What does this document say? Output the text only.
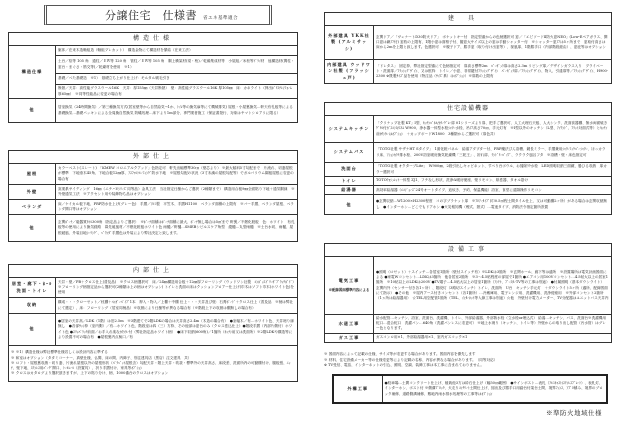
分譲住宅　仕様書 省エネ基準適合
構造仕様	
構造仕様	躯体／在来木造軸組造（軸組プレカット）　構造金物にて構造材を緊結（在来工法）
	土台／桧等 105 角　通柱／ＥＷ等 120 角　管柱／ＥＷ等 105 角　胴上横架材(梁・桁)／乾燥集成材等　小屋組／米松等ﾄﾞﾗｲ材　他構造材(間柱・窓台・まぐさ・筋交等)／乾燥材を使用　※1）
	基礎／べた基礎造　※1）　基礎立ち上がり仕上げ：モルタル刷毛引き
	断熱／天井：高性能グラスウール16K　天井：厚155㎜（天井断熱）　壁：高性能グラスウール16K 厚105㎜　床：カネライト（押出ﾎﾟﾘｽﾁﾚﾝﾌｫｰﾑ厚65㎜）　※同等性能品に変更の場合有
他	居室換気（24時間換気）／第三種換気方式(居室壁等から自然給気→1か、ﾄｲﾚ等の換気扇等にて機械排気) 屋根・小屋裏換気…軒天有孔板等による　基礎換気…基礎パッキンによる全周換自然換気 防蟻処理…床下より1m部分、専門業者施工（保証書発行、対象はヤマトシロアリに限る）
外部仕上	
屋根	カラーベスト(スレート)　「KMEW コロニアルクアッド」色指定可　軒先出幅標準30㎝（壁芯より） ※最大傾斜5寸勾配まで　片流れ、切妻屋根が標準　下地垂木45角、下地合板12㎜厚、ｱｽﾌｧﾙﾄﾙｰﾌｨﾝｸﾞ防水下地　※屋根勾配の状況（3寸未満の屋根勾配等）でガルバリウム鋼板屋根に変更の場合有
外壁	窯業系サイディング　16㎜（ニチハVｼﾘｰｽﾞ同等品）金具工法　当社指定仕様からご選択（2種類まで） 構造用合板9㎜全面貼り下地＋通気胴縁　※外壁通気工法　※アクセント用や装飾物ち品はオプション
ベランダ	床／ケイカル板下地、FRP防水仕上げ(グレー色)　手摺／ｱﾙﾐ製　平笠木、手摺H1100　ベランダ面積の上限有　※バー手摺、ベランダ屋根、ベランダ開口等はオプション
他	玄関ﾎﾟｰﾁ／磁器質ﾀｲﾙ300角（指定品よりご選択）　※ﾎﾟｰﾁ面積はﾎﾟｰﾁ面積に最大、ﾎﾟｰﾁ無し場合は5㎡まで 軒裏／不燃化粧板　色：ホワイト　有孔板等の使用により換気経路　鼻先破風材／不燃化粧板ホワイト色 雨樋／軒樋…SMEBシビルスケア角型　縦樋…丸型雨樋　※土台水切、雨樋、屋根破風、外装目地ｼｰﾘﾝｸﾞ、ﾍﾞﾗﾝﾀﾞ手摺色は外装により弊社決定と致します。
内部仕上	
居室・廊下・ﾎｰﾙ 洗面・トイレ	天井・壁／PB＋クロス仕上(普及品)　※クロス柄選択可　床／24㎜構造用合板＋12㎜厚フローリング（ウッドワン社製　ｴﾝﾎﾞｯｽﾄﾞﾘｰｷﾞﾌﾞﾗｯｸﾎﾞﾄﾞ）　※フローリング柄指定品から選択可(2種類は上の柄はオプション) トイレと洗面の床はクッションフロアー仕上げ(巾木はソフト巾木(ホワイト色)を使用
収納	構成・・・クローゼット／枕棚＋ﾊﾝｶﾞｰﾊﾟｲﾌﾟ1本　押入・物入／上棚＋中棚 仕上・・・天井及び壁：石膏ﾎﾞｰﾄﾞ＋クロス仕上（普及品　※柄は弊社にて選定）、床：フローリング（居室同柄品）※収納により仕様等が異なる場合有（※階段上下の収納は棚無しの場合有）
他	●居室の天井高／LDK（1階）は旧2.5m　※3階建てで2階LDKの場合は天井高さ2.4m（木造の場合有）　●室幅木／有…ホワイト色、天井廻り縁無し　●各部ｻｯｼ枠（室内側）／有…ホワイト色、階段室は四（三）方枠、その他部は窓台のみ（クロス巻込仕上）●階段手摺（内部片側付）ホワイト色 ●ｽﾘｯﾊﾟﾗｯｸ前面／お手入れ楽なｶｳﾝﾀｰ付（弊社指定品ホワイト柄）　●床下収納(600角)／1箇所（ｷｯﾁﾝ前又は洗面所）※2階LDKや構造等により設置不可の場合有　●屋根裏内点検口／有

※ ※1）構造仕様は弊社標準仕様若しくは設計内容に準ずる
※ 和室はオプション（タタミコーナー、真壁仕様、仏間、床の間、内障子、別注建具店（黒店）注文建具　共）
※ ロフト・屋根裏収納・切り妻、片流れ屋根以外の屋根形状（ﾊﾟﾗﾍﾟｯﾄ屋根含）勾配天井・階上天井・吹抜・標準外の天井高さ、床段差、洗面所内の可動棚付け、腰板張、ﾆｯﾁ、壁下地、ｽﾃﾝﾚｽ用ﾊﾞｰｸﾞ開口、ﾄｰﾙﾚｰﾙ（設置具）、折り手摺付け、家具等ｵﾌﾟｼｮﾝ
※ クロスはカタログより選択頂きますが、上下の貼り分け、柄、1000番台のクロスはオプション	
建具	
外部建具 YKK社製 (アルミサッシ)	玄関ドア／「ヴェナートD30防火ドア」　ポケットキー付　指定型番からの色柄選択可 窓／「エピソードⅡ防火窓NEO」(Low-Eペアガラス、開口窓は網戸付) 窓枚の上限有、1階小窓は面格子付、腰窓大サイズ以上の窓は手動シャッター付　※シャッター窓戸は5ヶ所まで　窓取付高さは床から2mを上限と致します。色選択可　※親子ドア、勝手窓（取り付け出窓等）、採風扉、1階勝手口（内部階段経由）、窓庇等はオプション
内部建具 ウッドワン社製 (フラッシュ戸)	「ドレタス」　固定枠、弊社指定型番にて色柄指定可　扉高さ標準2m　ﾊﾞｰｷﾞｭﾗ扉は高さ2.3m リビング扉／デザインガラス入り　プライベート・洗面扉／ﾌﾗｯｼｭﾃﾞｻﾞｲﾝ、又は框枠　トイレ／小窓、非常鍵付ﾌﾗｯｼｭﾃﾞｻﾞｲﾝ　ﾊﾞｰｷﾞｭﾗ扉／ﾌﾗｯｼｭﾃﾞｻﾞｲﾝ、物入、引違扉等／ﾌﾗｯｼｭﾃﾞｻﾞｲﾝ、H900-2300 ※既製ｻｲｽﾞ品を使用（特注品（ｻｲｽﾞ系）はｵﾌﾟｼｮﾝ）※扉数の上限有
住宅設備機器	
システムキッチン	「クリナップ社製 KT」I型、ｷｯﾁﾝﾊﾟﾈﾙ/ｶﾗｰｸﾞﾚｰ扉 01シリーズより扉、把手ご選択可、人工大理石天板、人大シンク、洗面食器棚、無水両面焼きｸﾞﾘﾙ付ｶﾞｽｺﾝﾛ/ｽﾘﾑ W900、浄水器一体型水栓ｼｬﾜｰ水栓、吊戸高さ70㎝、手元灯有　※I型以外のキッチン（L型、ｱｲﾗﾝﾄﾞ、ﾌﾗｯﾄ対面式等）とｷｯﾁﾝ前ｶｳﾝﾀｰはｵﾌﾟｼｮﾝ　＋カップボードW1800　3種類からご選択可（扉色共）
システムバス	「TOTO社製 サザナHT Sタイプ」　1面化粧パネル　給湯アダプター付、FRP魔法びん浴槽、鏡長ミラー、手摺兼用ｼｬﾜｰﾌｯｸﾊﾞｰｼｬﾜｰ、ほっカラリ床、ｱｼｮﾝｶﾗﾘ排水栓、200V浴室暖房換気乾燥機「三乾王」、折れ扉、ﾗﾝﾄﾞﾘｰﾊﾟｲﾌﾟ、ラクラク風呂フタ　※浴槽・壁・床色指定可
洗面台	「TOTO社製 オクターブLite」　W900㎜、2段引出しキャビネット、すべり台ボウル、お掃除ﾗｸ水栓　LED照明収納三面鏡、曇ひる収納　扉カラー選択可
トイレ	TOTOｳｫｼｭﾚｯﾄ一体型 ZJ1、フチなし形状、洗浄&暖房便座、壁リモコン、紙巻器、タオル掛け
給湯器	高効率給湯器（ｴｺｼﾞｮｰｽﾞ24号オートタイプ、追炊き、予約、保温機能）浴室、食堂に遠隔操作リモコン
他	●玄関収納…W1200×H2300程度　コの字ブラケット扉　※ﾌﾛｱｰﾀｲﾌﾟ(巾0.5㎡程土間タイル仕上、又は可動棚2ヶ所）がある場合は玄関収納無し　●インターホン…どこでもドアホン ●火災報知機（煙式、熱式）…電池タイプ、消防法令指定箇所設置
設備工事	

電気工事
※配線図面標準内容による	●照明（ロゼット）＋スイッチ…各居室1箇所（壁付スイッチ有）※LDKは3箇所　※玄関ホール、廊下等は適所　※設置場所は電気計画図面による ●家電Wコンセント…LDKは3箇所　他各居室2箇所　※3～4.5帖程度の部屋で1箇所 ●エアコン用100Vコンセント…4.5帖大以上の居室1箇所　※10帖以上のLDKは200V ●TV端子…4.5帖大以上の居室1箇所（ｱﾝﾃﾅ、ﾌﾞｰｽﾀｰTV等の工事は別途） ●付属照明（基本ダウンライト）　玄関内外（センサー付き各1ヶ所）、階段灯（3路切スイッチ）トイレ、洗面所　U台　キッチン手元灯　＋ダウンライト5ヶ所（適所、配線図面にて指示） ●その他　※屋内アース付きコンセント（各1箇所）…冷蔵庫用、電子レンジ用、洗濯機用、洗浄便座用　※外部コンセント2箇所（1ヵ所は給湯器用）　☆TEL用空配管1箇所（TEL、ｲﾝﾀｰﾈｯﾄ等入線工事は別途）☆他　外壁付け電力メーター、TV分配器はユニットバス天井内
水道工事	給水配管…キッチン、浴室、洗面台、洗濯機、トイレ、外部給湯器、外部散水栓（立水栓or埋込式） 給湯…キッチン、バス、洗面台※洗濯機用蛇口…混合蛇口　洗濯パン…640角（洗濯パンレスに変更可） ※地上水廻り（キッチン、トイレ等）外壁からの取り出し配管（汚水管）はグレー色となります。
ガス工事	ガスコンロ用×1、外部給湯器用×1、室内ガスコック×1
※ 図面内容によって記載の仕様、サイズ等が変更する場合があります。図面内容を優先します
※ 材料、住宅設備メーカー等の仕様変更等により記載の名称、内容が異なる場合があります。（同等対応）
※ TV受信、電話、インターネットの引込、照明、空調、装飾工事は本工事に含まれておりません。
外構工事	●駐車場…土間コンクリート仕上げ、植栽他3方は砕石仕上げ（幅50㎝範囲） ●サインポスト…表札（ｱﾙﾐｷｬｽﾄ/ｽﾃﾝﾚｽﾌﾟﾚｰﾄ）、表札灯、インターホン、ポスト付 ※側溝ﾌﾞﾛｯｸ、犬走りｺﾝｸﾘｰﾄ土間仕上げ、掃出及び勝手口用踏台付架台土間、境界ﾌｪﾝｽ、ｱﾌﾟﾛ積み、境界のブロック補修、道路側溝補修、敷地内雨水排水処理等の工事等はｵﾌﾟｼｮﾝ
※準防火地域仕様
